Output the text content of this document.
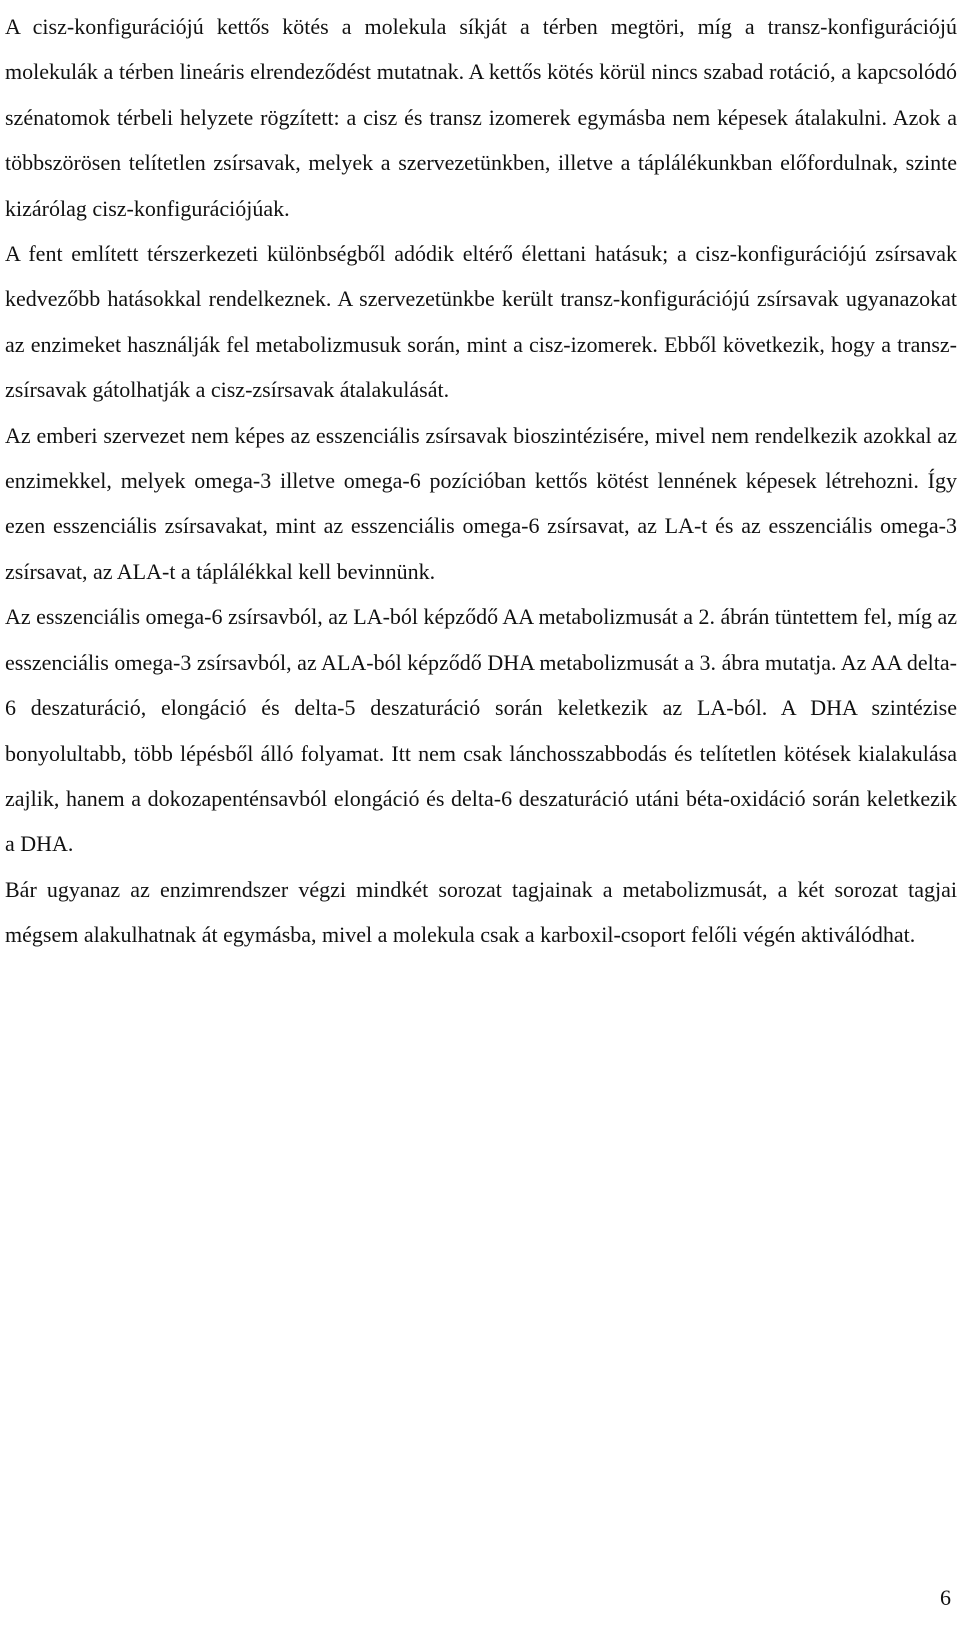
A cisz-konfigurációjú kettős kötés a molekula síkját a térben megtöri, míg a transz-konfigurációjú molekulák a térben lineáris elrendeződést mutatnak. A kettős kötés körül nincs szabad rotáció, a kapcsolódó szénatomok térbeli helyzete rögzített: a cisz és transz izomerek egymásba nem képesek átalakulni. Azok a többszörösen telítetlen zsírsavak, melyek a szervezetünkben, illetve a táplálékunkban előfordulnak, szinte kizárólag cisz-konfigurációjúak.

A fent említett térszerkezeti különbségből adódik eltérő élettani hatásuk; a cisz-konfigurációjú zsírsavak kedvezőbb hatásokkal rendelkeznek. A szervezetünkbe került transz-konfigurációjú zsírsavak ugyanazokat az enzimeket használják fel metabolizmusuk során, mint a cisz-izomerek. Ebből következik, hogy a transz-zsírsavak gátolhatják a cisz-zsírsavak átalakulását.

Az emberi szervezet nem képes az esszenciális zsírsavak bioszintézisére, mivel nem rendelkezik azokkal az enzimekkel, melyek omega-3 illetve omega-6 pozícióban kettős kötést lennének képesek létrehozni. Így ezen esszenciális zsírsavakat, mint az esszenciális omega-6 zsírsavat, az LA-t és az esszenciális omega-3 zsírsavat, az ALA-t a táplálékkal kell bevinnünk.

Az esszenciális omega-6 zsírsavból, az LA-ból képződő AA metabolizmusát a 2. ábrán tüntettem fel, míg az esszenciális omega-3 zsírsavból, az ALA-ból képződő DHA metabolizmusát a 3. ábra mutatja. Az AA delta-6 deszaturáció, elongáció és delta-5 deszaturáció során keletkezik az LA-ból. A DHA szintézise bonyolultabb, több lépésből álló folyamat. Itt nem csak lánchosszabbodás és telítetlen kötések kialakulása zajlik, hanem a dokozapenténsavból elongáció és delta-6 deszaturáció utáni béta-oxidáció során keletkezik a DHA.

Bár ugyanaz az enzimrendszer végzi mindkét sorozat tagjainak a metabolizmusát, a két sorozat tagjai mégsem alakulhatnak át egymásba, mivel a molekula csak a karboxil-csoport felőli végén aktiválódhat.

6
